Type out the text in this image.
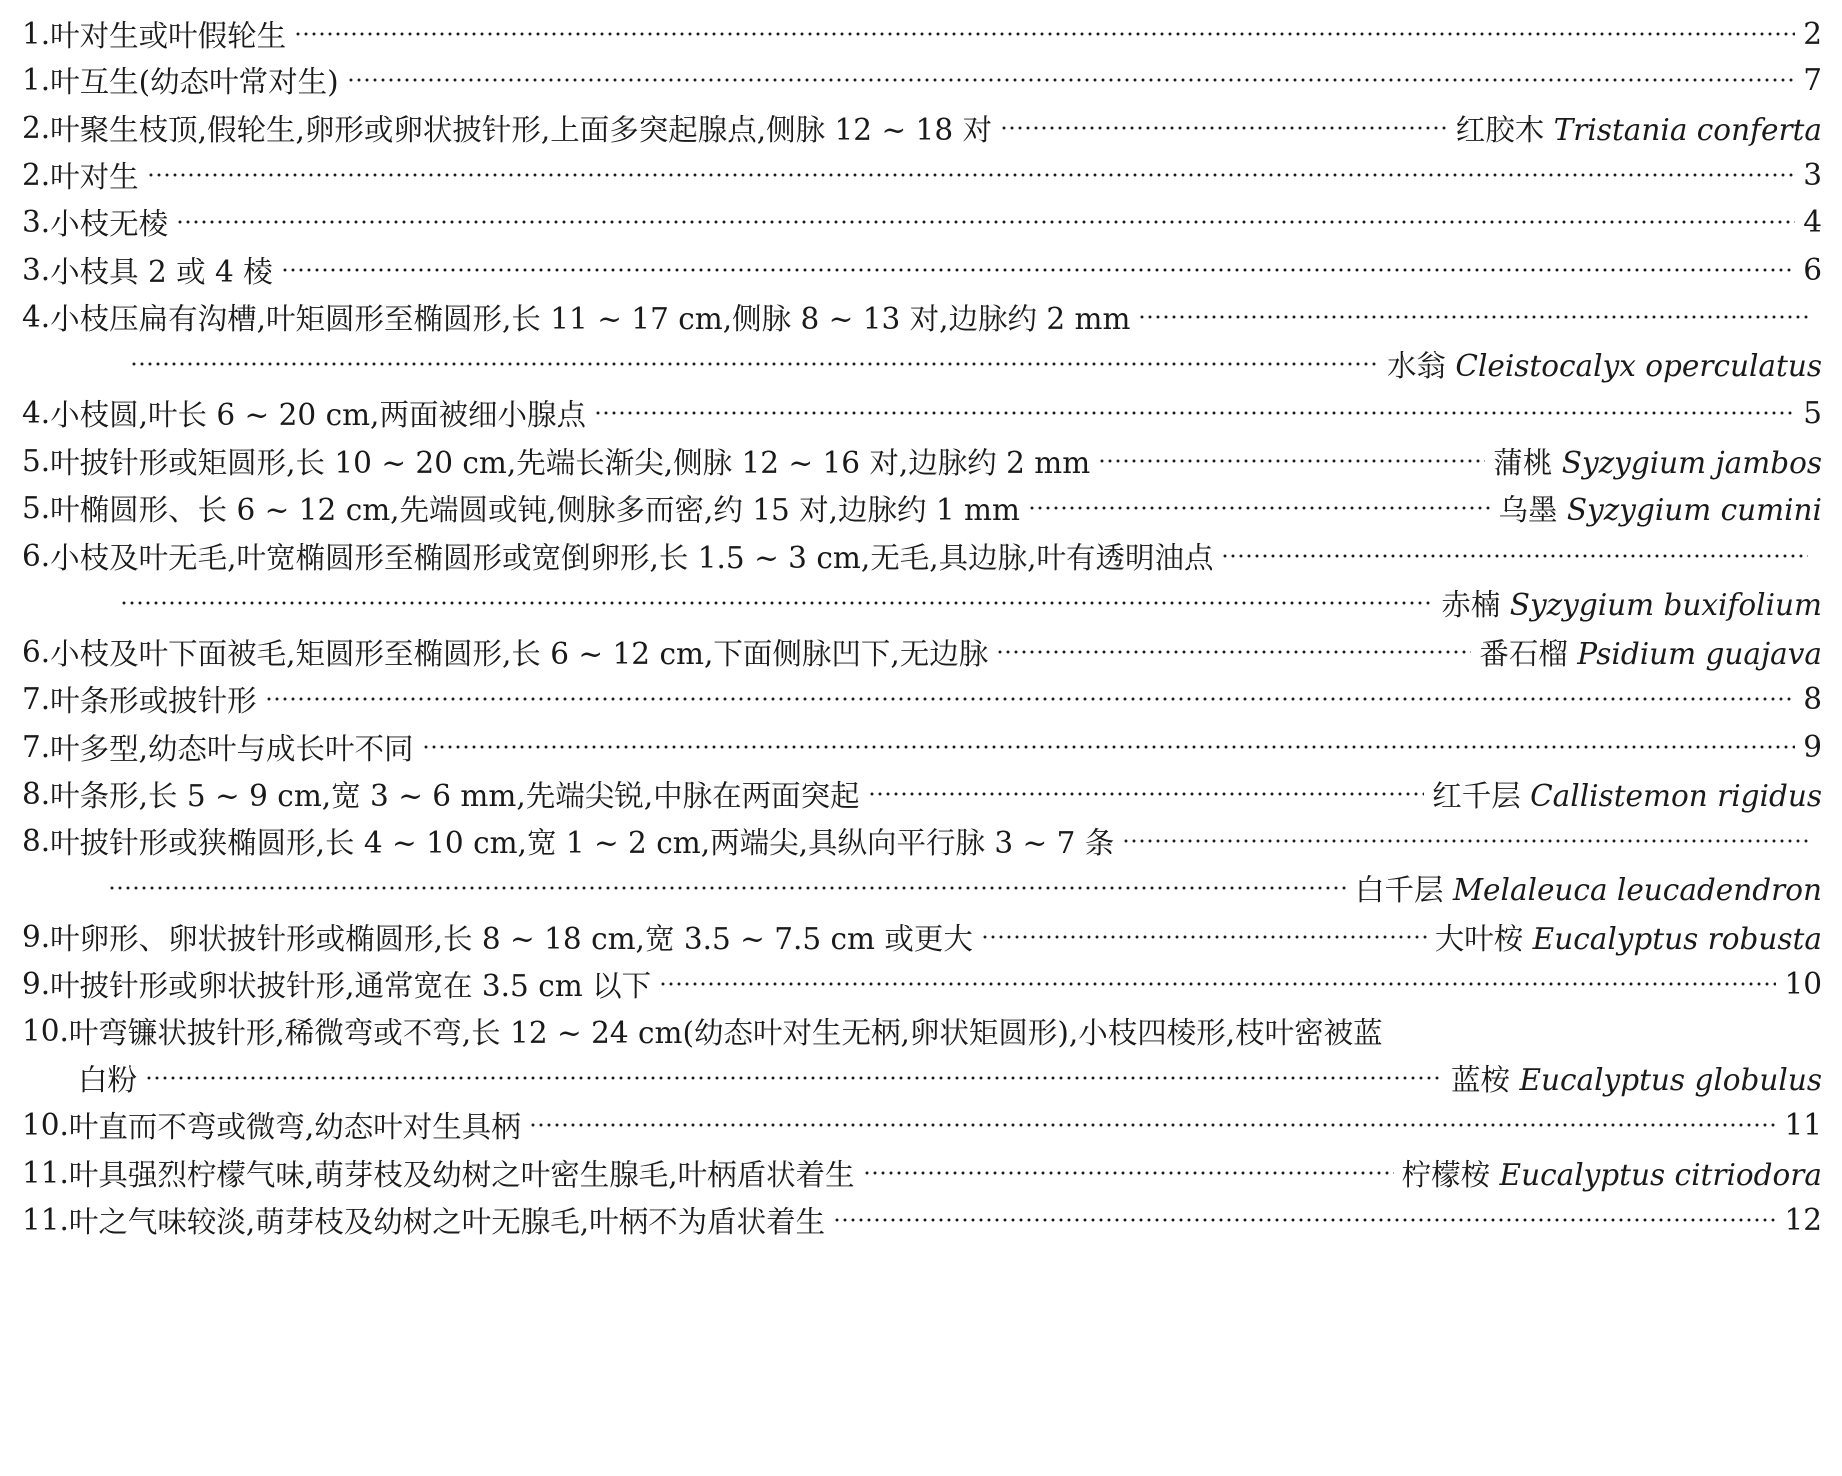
1. 叶对生或叶假轮生	2
1. 叶互生(幼态叶常对生)	7
2. 叶聚生枝顶,假轮生,卵形或卵状披针形,上面多突起腺点,侧脉 12 ~ 18 对	红胶木 Tristania conferta
2. 叶对生	3
3. 小枝无棱	4
3. 小枝具 2 或 4 棱	6
4. 小枝压扁有沟槽,叶矩圆形至椭圆形,长 11 ~ 17 cm,侧脉 8 ~ 13 对,边脉约 2 mm
水翁 Cleistocalyx operculatus
4. 小枝圆,叶长 6 ~ 20 cm,两面被细小腺点	5
5. 叶披针形或矩圆形,长 10 ~ 20 cm,先端长渐尖,侧脉 12 ~ 16 对,边脉约 2 mm	蒲桃 Syzygium jambos
5. 叶椭圆形、长 6 ~ 12 cm,先端圆或钝,侧脉多而密,约 15 对,边脉约 1 mm	乌墨 Syzygium cumini
6. 小枝及叶无毛,叶宽椭圆形至椭圆形或宽倒卵形,长 1.5 ~ 3 cm,无毛,具边脉,叶有透明油点
赤楠 Syzygium buxifolium
6. 小枝及叶下面被毛,矩圆形至椭圆形,长 6 ~ 12 cm,下面侧脉凹下,无边脉	番石榴 Psidium guajava
7. 叶条形或披针形	8
7. 叶多型,幼态叶与成长叶不同	9
8. 叶条形,长 5 ~ 9 cm,宽 3 ~ 6 mm,先端尖锐,中脉在两面突起	红千层 Callistemon rigidus
8. 叶披针形或狭椭圆形,长 4 ~ 10 cm,宽 1 ~ 2 cm,两端尖,具纵向平行脉 3 ~ 7 条
白千层 Melaleuca leucadendron
9. 叶卵形、卵状披针形或椭圆形,长 8 ~ 18 cm,宽 3.5 ~ 7.5 cm 或更大	大叶桉 Eucalyptus robusta
9. 叶披针形或卵状披针形,通常宽在 3.5 cm 以下	10
10. 叶弯镰状披针形,稀微弯或不弯,长 12 ~ 24 cm(幼态叶对生无柄,卵状矩圆形),小枝四棱形,枝叶密被蓝
白粉	蓝桉 Eucalyptus globulus
10. 叶直而不弯或微弯,幼态叶对生具柄	11
11. 叶具强烈柠檬气味,萌芽枝及幼树之叶密生腺毛,叶柄盾状着生	柠檬桉 Eucalyptus citriodora
11. 叶之气味较淡,萌芽枝及幼树之叶无腺毛,叶柄不为盾状着生	12
